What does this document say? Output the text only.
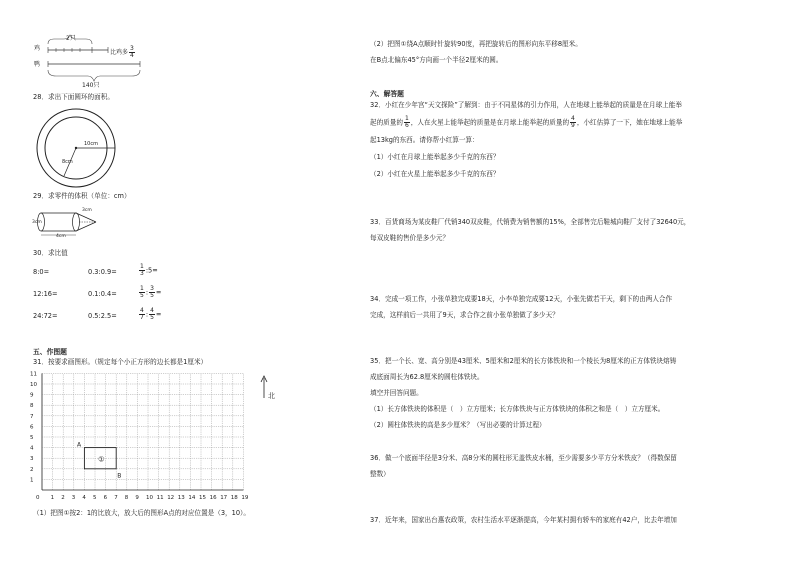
鸡
鸭
2只
比鸡多 $\frac{3}{4}$
140只
28．求出下面圆环的面积。
10cm
8cm
29．求零件的体积（单位：cm）
3cm
3cm
4cm
30．求比值
8:0=	0.3:0.9=	$\frac{1}{3}$ :5=
12:16=	0.1:0.4=	$\frac{1}{5}$ : $\frac{3}{5}$ =
24:72=	0.5:2.5=	$\frac{4}{7}$ : $\frac{4}{5}$ =
五、作图题
31．按要求画图形。（规定每个小正方形的边长都是1厘米）
0 1 2 3 4 5 6 7 8 9 10 11 12 13 14 15 16 17 18 19
1
2
3
4
5
6
7
8
9
10
11
①
A
B
北
（1）把图①按2：1的比放大，放大后的图形A点的对应位置是（3，10）。
（2）把图①绕A点顺时针旋转90度，再把旋转后的图形向东平移8厘米。
在B点北偏东45°方向画一个半径2厘米的圆。
六、解答题
32．小红在少年宫“天文探险”了解到：由于不同星体的引力作用，人在地球上能举起的质量是在月球上能举
起的质量的 $\frac{1}{6}$ ，人在火星上能举起的质量是在月球上能举起的质量的 $\frac{4}{9}$ ，小红估算了一下，她在地球上能举
起13kg的东西。请你帮小红算一算：
（1）小红在月球上能举起多少千克的东西？
（2）小红在火星上能举起多少千克的东西？
33．百货商场为某皮鞋厂代销340双皮鞋，代销费为销售额的15%，全部售完后鞋城向鞋厂支付了32640元，
每双皮鞋的售价是多少元？
34．完成一项工作，小张单独完成要18天，小李单独完成要12天，小张先做若干天，剩下的由两人合作
完成，这样前后一共用了9天，求合作之前小张单独做了多少天？
35．把一个长、宽、高分别是43厘米、5厘米和2厘米的长方体铁块和一个棱长为8厘米的正方体铁块熔铸
成底面周长为62.8厘米的圆柱体铁块。
填空并回答问题。
（1）长方体铁块的体积是（　）立方厘米；长方体铁块与正方体铁块的体积之和是（　）立方厘米。
（2）圆柱体铁块的高是多少厘米？（写出必要的计算过程）
36．做一个底面半径是3分米、高8分米的圆柱形无盖铁皮水桶，至少需要多少平方分米铁皮？（得数保留
整数）
37．近年来，国家出台惠农政策，农村生活水平逐渐提高，今年某村拥有轿车的家庭有42户，比去年增加
